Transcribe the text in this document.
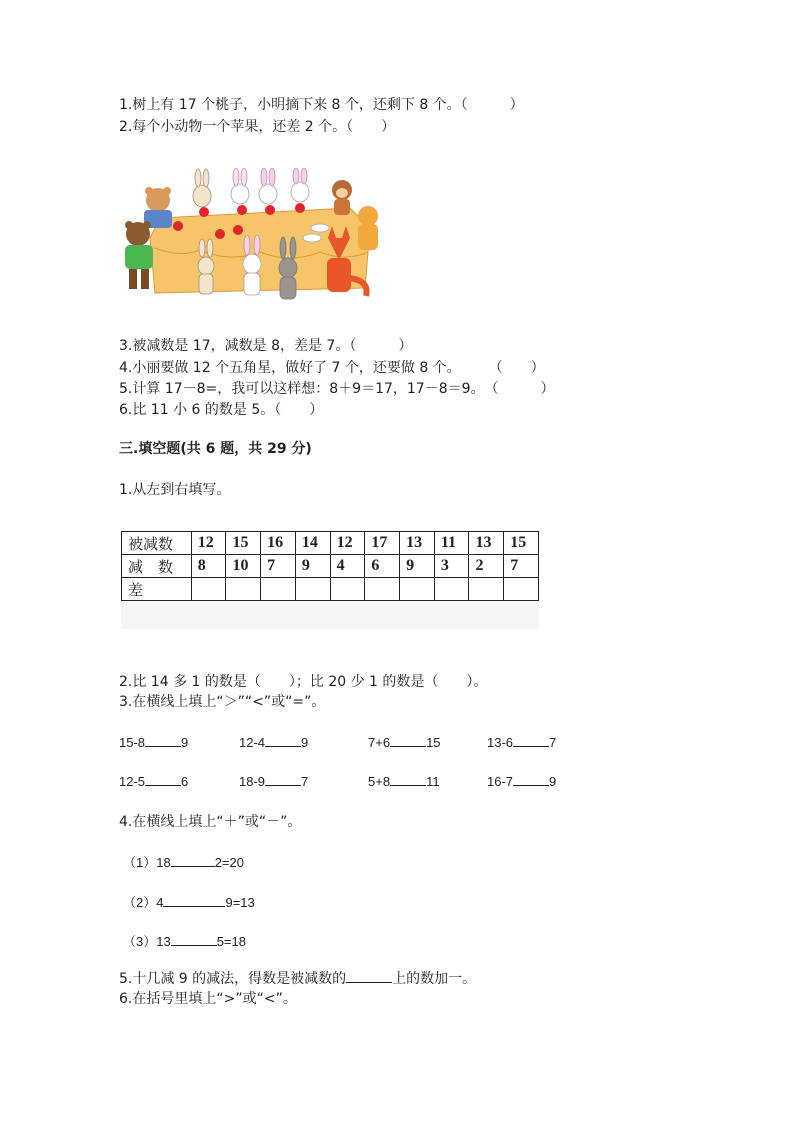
1.树上有 17 个桃子，小明摘下来 8 个，还剩下 8 个。（　　　）
2.每个小动物一个苹果，还差 2 个。（　　）
3.被减数是 17，减数是 8，差是 7。（　　　）
4.小丽要做 12 个五角星，做好了 7 个，还要做 8 个。　　　（　　）
5.计算 17－8=，我可以这样想：8＋9＝17，17－8＝9。　（　　　）
6.比 11 小 6 的数是 5。（　　）
三.填空题(共 6 题，共 29 分)
1.从左到右填写。
被减数	12	15	16	14	12	17	13	11	13	15
减　数	8	10	7	9	4	6	9	3	2	7
差										
2.比 14 多 1 的数是（　　）；比 20 少 1 的数是（　　）。
3.在横线上填上“＞”“<”或“=”。
15-8	9	12-4	9	7+6	15	13-6	7
12-5	6	18-9	7	5+8	11	16-7	9
4.在横线上填上“＋”或“－”。
（1）18	2=20
（2）4	9=13
（3）13	5=18
5.十几减 9 的减法，得数是被减数的	上的数加一。
6.在括号里填上“>”或“<”。
